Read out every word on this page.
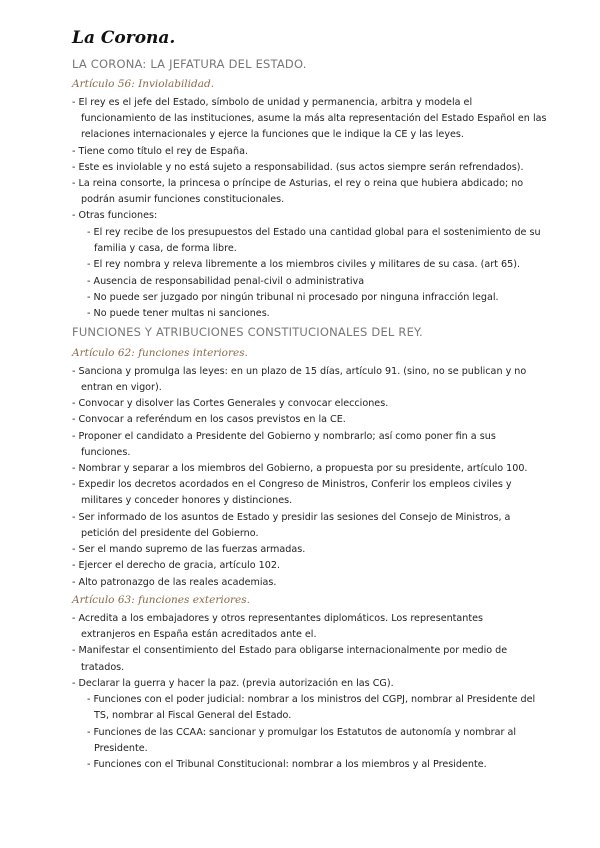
La Corona.
LA CORONA: LA JEFATURA DEL ESTADO.
Artículo 56: Inviolabilidad.
- El rey es el jefe del Estado, símbolo de unidad y permanencia, arbitra y modela el
funcionamiento de las instituciones, asume la más alta representación del Estado Español en las
relaciones internacionales y ejerce la funciones que le indique la CE y las leyes.
- Tiene como título el rey de España.
- Este es inviolable y no está sujeto a responsabilidad. (sus actos siempre serán refrendados).
- La reina consorte, la princesa o príncipe de Asturias, el rey o reina que hubiera abdicado; no
podrán asumir funciones constitucionales.
- Otras funciones:
- El rey recibe de los presupuestos del Estado una cantidad global para el sostenimiento de su
familia y casa, de forma libre.
- El rey nombra y releva libremente a los miembros civiles y militares de su casa. (art 65).
- Ausencia de responsabilidad penal-civil o administrativa
- No puede ser juzgado por ningún tribunal ni procesado por ninguna infracción legal.
- No puede tener multas ni sanciones.
FUNCIONES Y ATRIBUCIONES CONSTITUCIONALES DEL REY.
Artículo 62: funciones interiores.
- Sanciona y promulga las leyes: en un plazo de 15 días, artículo 91. (sino, no se publican y no
entran en vigor).
- Convocar y disolver las Cortes Generales y convocar elecciones.
- Convocar a referéndum en los casos previstos en la CE.
- Proponer el candidato a Presidente del Gobierno y nombrarlo; así como poner fin a sus
funciones.
- Nombrar y separar a los miembros del Gobierno, a propuesta por su presidente, artículo 100.
- Expedir los decretos acordados en el Congreso de Ministros, Conferir los empleos civiles y
militares y conceder honores y distinciones.
- Ser informado de los asuntos de Estado y presidir las sesiones del Consejo de Ministros, a
petición del presidente del Gobierno.
- Ser el mando supremo de las fuerzas armadas.
- Ejercer el derecho de gracia, artículo 102.
- Alto patronazgo de las reales academias.
Artículo 63: funciones exteriores.
- Acredita a los embajadores y otros representantes diplomáticos. Los representantes
extranjeros en España están acreditados ante el.
- Manifestar el consentimiento del Estado para obligarse internacionalmente por medio de
tratados.
- Declarar la guerra y hacer la paz. (previa autorización en las CG).
- Funciones con el poder judicial: nombrar a los ministros del CGPJ, nombrar al Presidente del
TS, nombrar al Fiscal General del Estado.
- Funciones de las CCAA: sancionar y promulgar los Estatutos de autonomía y nombrar al
Presidente.
- Funciones con el Tribunal Constitucional: nombrar a los miembros y al Presidente.
